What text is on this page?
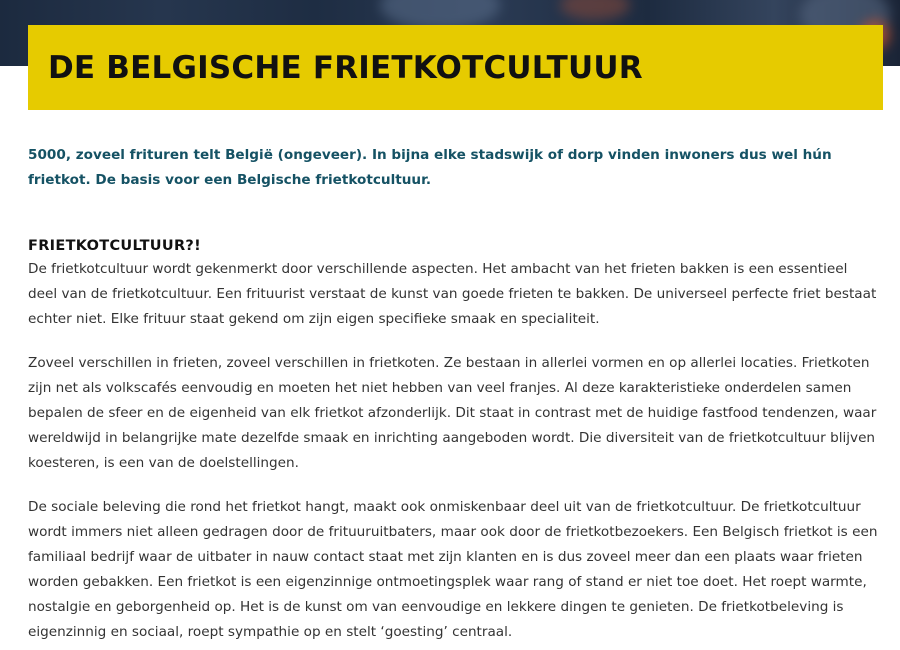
DE BELGISCHE FRIETKOTCULTUUR

5000, zoveel frituren telt België (ongeveer). In bijna elke stadswijk of dorp vinden inwoners dus wel hún frietkot. De basis voor een Belgische frietkotcultuur.

FRIETKOTCULTUUR?!

De frietkotcultuur wordt gekenmerkt door verschillende aspecten. Het ambacht van het frieten bakken is een essentieel deel van de frietkotcultuur. Een frituurist verstaat de kunst van goede frieten te bakken. De universeel perfecte friet bestaat echter niet. Elke frituur staat gekend om zijn eigen specifieke smaak en specialiteit.

Zoveel verschillen in frieten, zoveel verschillen in frietkoten. Ze bestaan in allerlei vormen en op allerlei locaties. Frietkoten zijn net als volkscafés eenvoudig en moeten het niet hebben van veel franjes. Al deze karakteristieke onderdelen samen bepalen de sfeer en de eigenheid van elk frietkot afzonderlijk. Dit staat in contrast met de huidige fastfood tendenzen, waar wereldwijd in belangrijke mate dezelfde smaak en inrichting aangeboden wordt. Die diversiteit van de frietkotcultuur blijven koesteren, is een van de doelstellingen.

De sociale beleving die rond het frietkot hangt, maakt ook onmiskenbaar deel uit van de frietkotcultuur. De frietkotcultuur wordt immers niet alleen gedragen door de frituuruitbaters, maar ook door de frietkotbezoekers. Een Belgisch frietkot is een familiaal bedrijf waar de uitbater in nauw contact staat met zijn klanten en is dus zoveel meer dan een plaats waar frieten worden gebakken. Een frietkot is een eigenzinnige ontmoetingsplek waar rang of stand er niet toe doet. Het roept warmte, nostalgie en geborgenheid op. Het is de kunst om van eenvoudige en lekkere dingen te genieten. De frietkotbeleving is eigenzinnig en sociaal, roept sympathie op en stelt ‘goesting’ centraal.
